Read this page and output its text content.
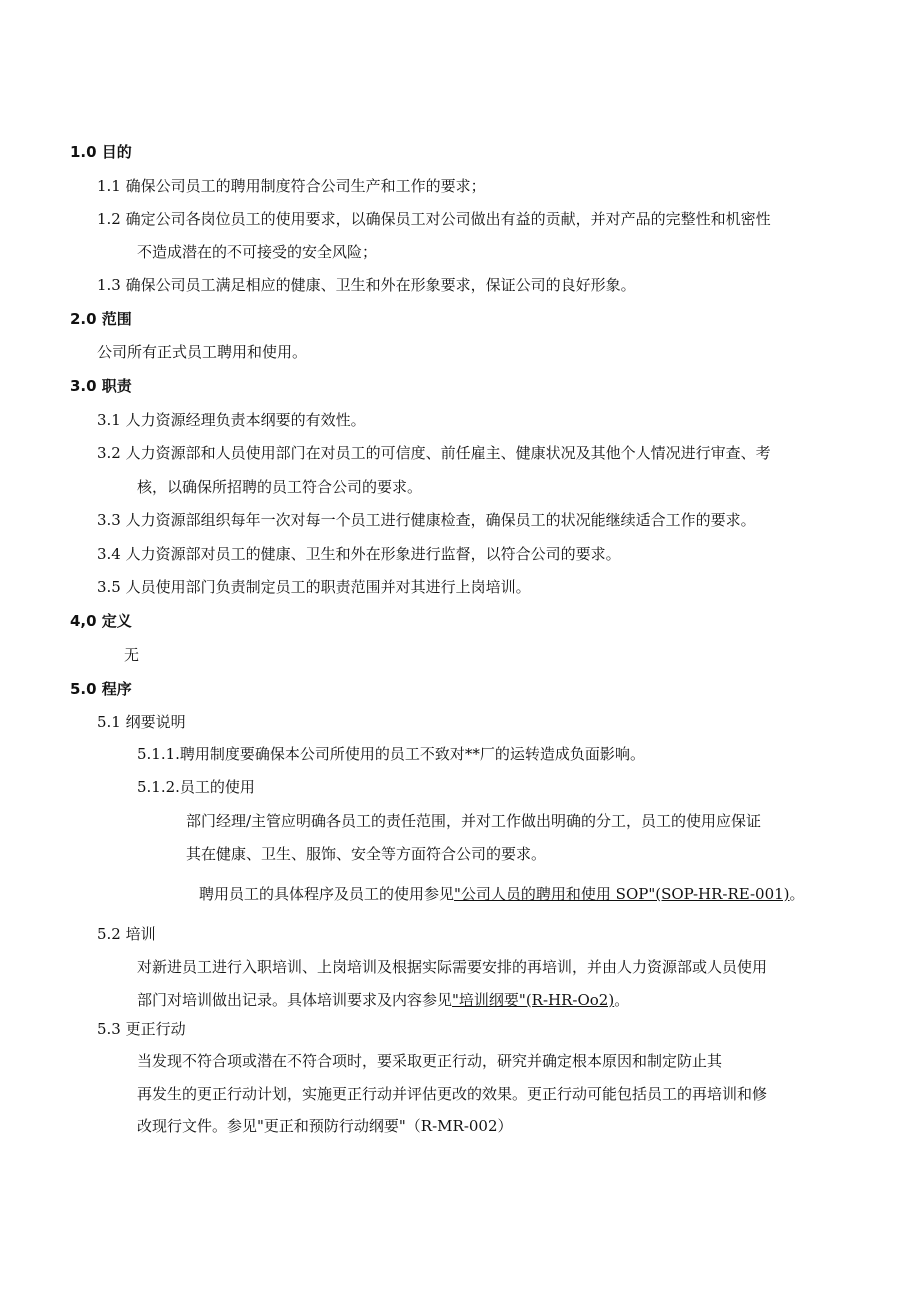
1.0 目的
1.1 确保公司员工的聘用制度符合公司生产和工作的要求；
1.2 确定公司各岗位员工的使用要求，以确保员工对公司做出有益的贡献，并对产品的完整性和机密性
不造成潜在的不可接受的安全风险；
1.3 确保公司员工满足相应的健康、卫生和外在形象要求，保证公司的良好形象。
2.0 范围
公司所有正式员工聘用和使用。
3.0 职责
3.1 人力资源经理负责本纲要的有效性。
3.2 人力资源部和人员使用部门在对员工的可信度、前任雇主、健康状况及其他个人情况进行审查、考
核，以确保所招聘的员工符合公司的要求。
3.3 人力资源部组织每年一次对每一个员工进行健康检查，确保员工的状况能继续适合工作的要求。
3.4 人力资源部对员工的健康、卫生和外在形象进行监督，以符合公司的要求。
3.5 人员使用部门负责制定员工的职责范围并对其进行上岗培训。
4,0 定义
无
5.0 程序
5.1 纲要说明
5.1.1.聘用制度要确保本公司所使用的员工不致对**厂的运转造成负面影响。
5.1.2.员工的使用
部门经理/主管应明确各员工的责任范围，并对工作做出明确的分工，员工的使用应保证
其在健康、卫生、服饰、安全等方面符合公司的要求。
聘用员工的具体程序及员工的使用参见"公司人员的聘用和使用 SOP"(SOP-HR-RE-001)。
5.2 培训
对新进员工进行入职培训、上岗培训及根据实际需要安排的再培训，并由人力资源部或人员使用
部门对培训做出记录。具体培训要求及内容参见"培训纲要"(R-HR-Oo2)。
5.3 更正行动
当发现不符合项或潜在不符合项时，要采取更正行动，研究并确定根本原因和制定防止其
再发生的更正行动计划，实施更正行动并评估更改的效果。更正行动可能包括员工的再培训和修
改现行文件。参见"更正和预防行动纲要"（R-MR-002）
